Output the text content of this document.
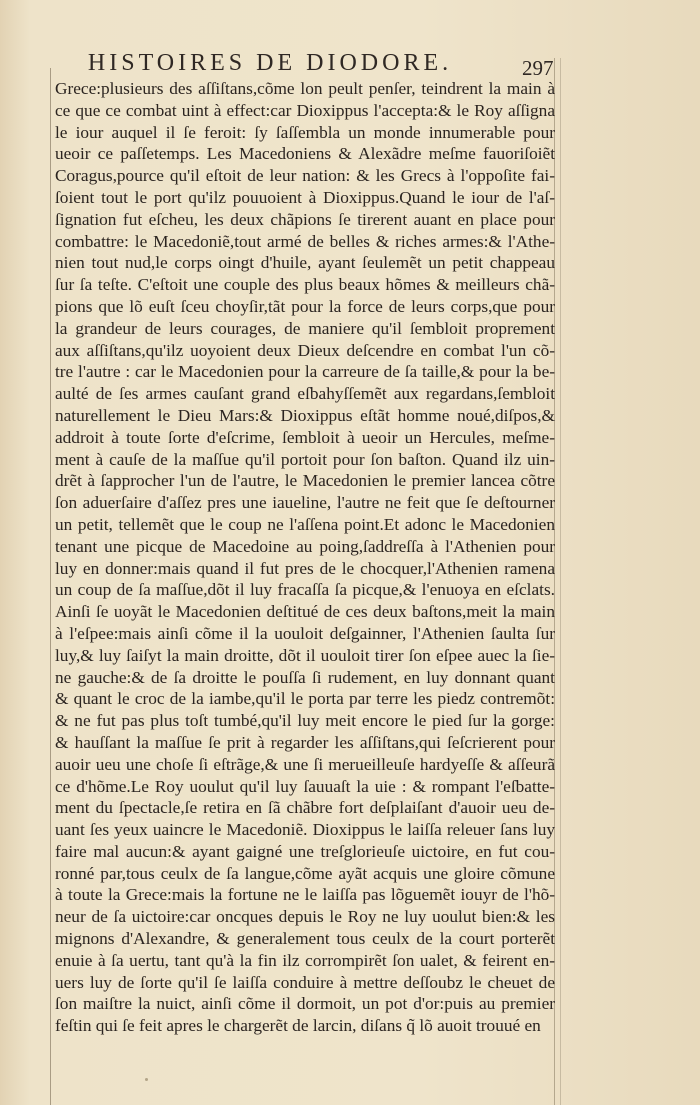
HISTOIRES DE DIODORE.	297
Grece:plusieurs des aſſiſtans,cõme lon peult penſer, teindrent la main à
ce que ce combat uint à effect:car Dioxippus l'accepta:& le Roy aſſigna
le iour auquel il ſe feroit: ſy ſaſſembla un monde innumerable pour
ueoir ce paſſetemps. Les Macedoniens & Alexãdre meſme fauoriſoiẽt
Coragus,pource qu'il eſtoit de leur nation: & les Grecs à l'oppoſite fai-
ſoient tout le port qu'ilz pouuoient à Dioxippus.Quand le iour de l'aſ-
ſignation fut eſcheu, les deux chãpions ſe tirerent auant en place pour
combattre: le Macedoniẽ,tout armé de belles & riches armes:& l'Athe-
nien tout nud,le corps oingt d'huile, ayant ſeulemẽt un petit chappeau
ſur ſa teſte. C'eſtoit une couple des plus beaux hõmes & meilleurs chã-
pions que lõ euſt ſceu choyſir,tãt pour la force de leurs corps,que pour
la grandeur de leurs courages, de maniere qu'il ſembloit proprement
aux aſſiſtans,qu'ilz uoyoient deux Dieux deſcendre en combat l'un cõ-
tre l'autre : car le Macedonien pour la carreure de ſa taille,& pour la be-
aulté de ſes armes cauſant grand eſbahyſſemẽt aux regardans,ſembloit
naturellement le Dieu Mars:& Dioxippus eſtãt homme noué,diſpos,&
addroit à toute ſorte d'eſcrime, ſembloit à ueoir un Hercules, meſme-
ment à cauſe de la maſſue qu'il portoit pour ſon baſton. Quand ilz uin-
drẽt à ſapprocher l'un de l'autre, le Macedonien le premier lancea cõtre
ſon aduerſaire d'aſſez pres une iaueline, l'autre ne feit que ſe deſtourner
un petit, tellemẽt que le coup ne l'aſſena point.Et adonc le Macedonien
tenant une picque de Macedoine au poing,ſaddreſſa à l'Athenien pour
luy en donner:mais quand il fut pres de le chocquer,l'Athenien ramena
un coup de ſa maſſue,dõt il luy fracaſſa ſa picque,& l'enuoya en eſclats.
Ainſi ſe uoyãt le Macedonien deſtitué de ces deux baſtons,meit la main
à l'eſpee:mais ainſi cõme il la uouloit deſgainner, l'Athenien ſaulta ſur
luy,& luy ſaiſyt la main droitte, dõt il uouloit tirer ſon eſpee auec la ſie-
ne gauche:& de ſa droitte le pouſſa ſi rudement, en luy donnant quant
& quant le croc de la iambe,qu'il le porta par terre les piedz contremõt:
& ne fut pas plus toſt tumbé,qu'il luy meit encore le pied ſur la gorge:
& hauſſant la maſſue ſe prit à regarder les aſſiſtans,qui ſeſcrierent pour
auoir ueu une choſe ſi eſtrãge,& une ſi merueilleuſe hardyeſſe & aſſeurã
ce d'hõme.Le Roy uoulut qu'il luy ſauuaſt la uie : & rompant l'eſbatte-
ment du ſpectacle,ſe retira en ſã chãbre fort deſplaiſant d'auoir ueu de-
uant ſes yeux uaincre le Macedoniẽ. Dioxippus le laiſſa releuer ſans luy
faire mal aucun:& ayant gaigné une treſglorieuſe uictoire, en fut cou-
ronné par,tous ceulx de ſa langue,cõme ayãt acquis une gloire cõmune
à toute la Grece:mais la fortune ne le laiſſa pas lõguemẽt iouyr de l'hõ-
neur de ſa uictoire:car oncques depuis le Roy ne luy uoulut bien:& les
mignons d'Alexandre, & generalement tous ceulx de la court porterẽt
enuie à ſa uertu, tant qu'à la fin ilz corrompirẽt ſon ualet, & feirent en-
uers luy de ſorte qu'il ſe laiſſa conduire à mettre deſſoubz le cheuet de
ſon maiſtre la nuict, ainſi cõme il dormoit, un pot d'or:puis au premier
feſtin qui ſe feit apres le chargerẽt de larcin, diſans q̃ lõ auoit trouué en
